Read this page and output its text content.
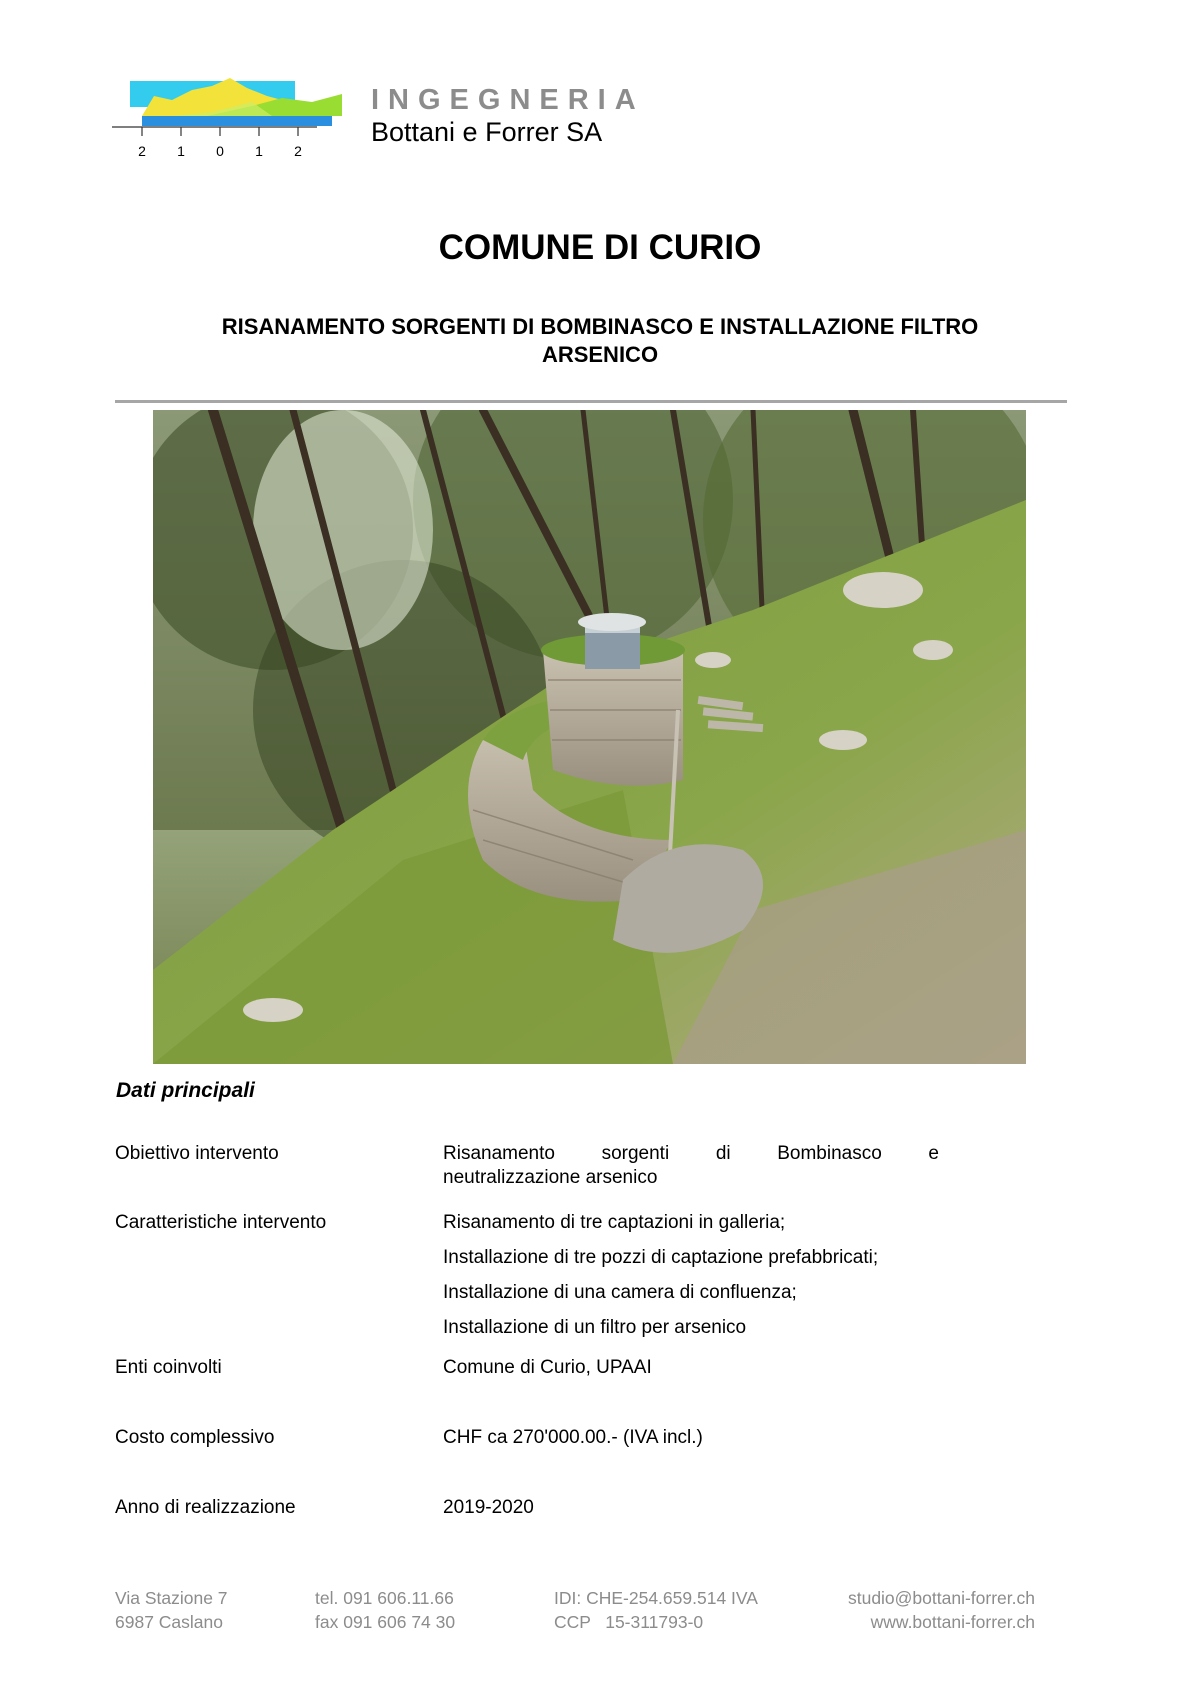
2 1 0 1 2
INGEGNERIA
Bottani e Forrer SA
COMUNE DI CURIO
RISANAMENTO SORGENTI DI BOMBINASCO E INSTALLAZIONE FILTRO
ARSENICO
Dati principali
Obiettivo intervento	Risanamento sorgenti di Bombinasco e
neutralizzazione arsenico
Caratteristiche intervento	Risanamento di tre captazioni in galleria;
Installazione di tre pozzi di captazione prefabbricati;
Installazione di una camera di confluenza;
Installazione di un filtro per arsenico
Enti coinvolti	Comune di Curio, UPAAI
Costo complessivo	CHF ca 270'000.00.- (IVA incl.)
Anno di realizzazione	2019-2020
Via Stazione 7
6987 Caslano
tel. 091 606.11.66
fax 091 606 74 30
IDI: CHE-254.659.514 IVA
CCP   15-311793-0
studio@bottani-forrer.ch
www.bottani-forrer.ch
